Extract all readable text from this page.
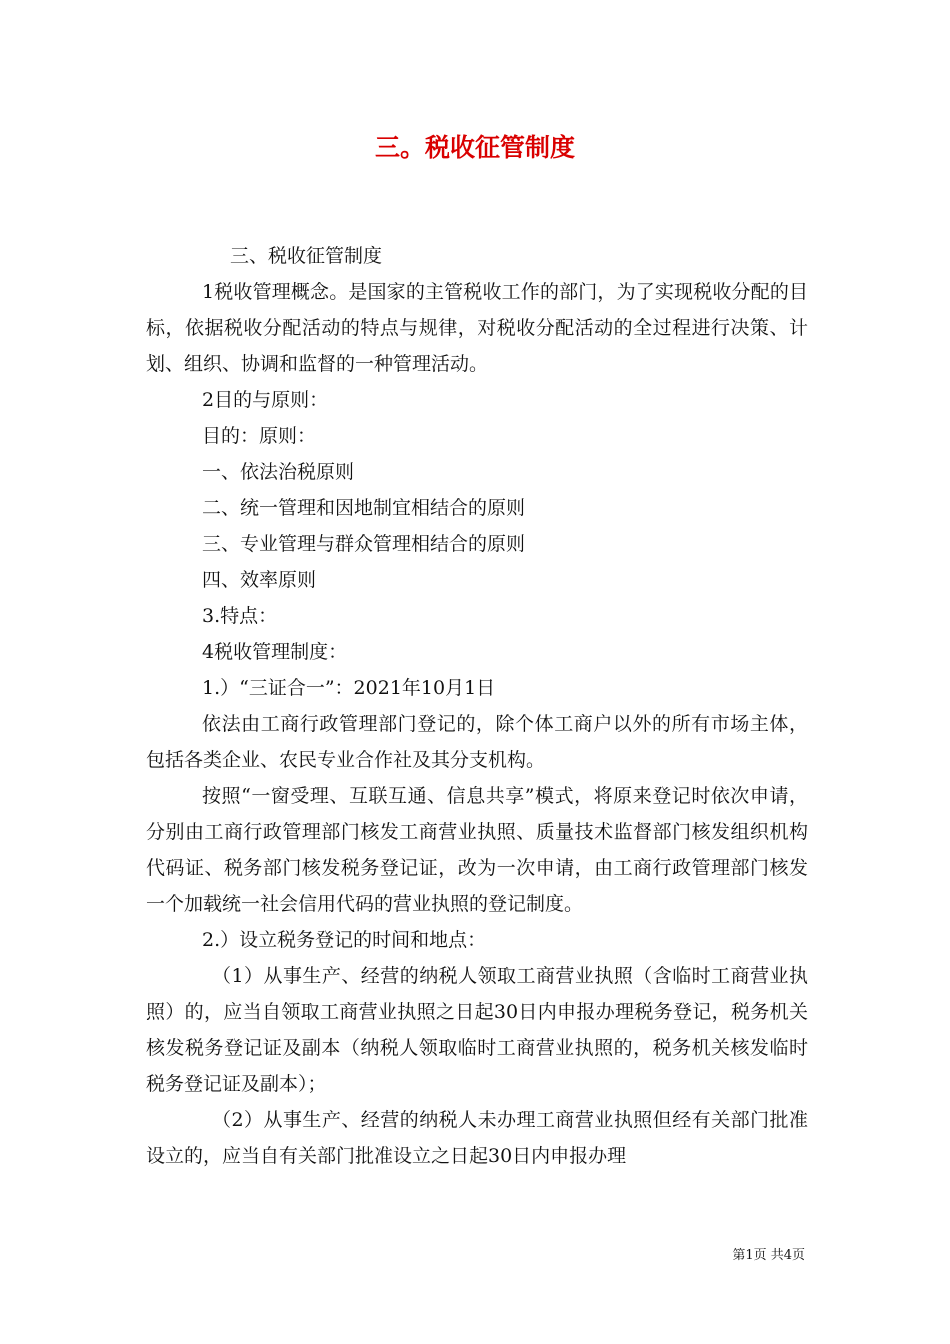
三。税收征管制度

三、税收征管制度

1税收管理概念。是国家的主管税收工作的部门，为了实现税收分配的目标，依据税收分配活动的特点与规律，对税收分配活动的全过程进行决策、计划、组织、协调和监督的一种管理活动。

2目的与原则：

目的：原则：

一、依法治税原则

二、统一管理和因地制宜相结合的原则

三、专业管理与群众管理相结合的原则

四、效率原则

3.特点：

4税收管理制度：

1.）“三证合一”：2021年10月1日

依法由工商行政管理部门登记的，除个体工商户以外的所有市场主体，包括各类企业、农民专业合作社及其分支机构。

按照“一窗受理、互联互通、信息共享”模式，将原来登记时依次申请，分别由工商行政管理部门核发工商营业执照、质量技术监督部门核发组织机构代码证、税务部门核发税务登记证，改为一次申请，由工商行政管理部门核发一个加载统一社会信用代码的营业执照的登记制度。

2.）设立税务登记的时间和地点：

（1）从事生产、经营的纳税人领取工商营业执照（含临时工商营业执照）的，应当自领取工商营业执照之日起30日内申报办理税务登记，税务机关核发税务登记证及副本（纳税人领取临时工商营业执照的，税务机关核发临时税务登记证及副本）；

（2）从事生产、经营的纳税人未办理工商营业执照但经有关部门批准设立的，应当自有关部门批准设立之日起30日内申报办理

第1页 共4页
